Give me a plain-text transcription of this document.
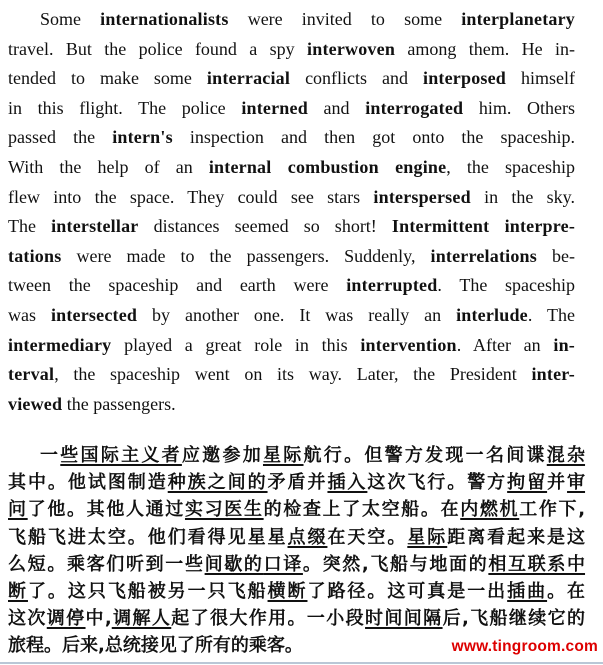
Some internationalists were invited to some interplanetary
travel. But the police found a spy interwoven among them. He in-
tended to make some interracial conflicts and interposed himself
in this flight. The police interned and interrogated him. Others
passed the intern's inspection and then got onto the spaceship.
With the help of an internal combustion engine, the spaceship
flew into the space. They could see stars interspersed in the sky.
The interstellar distances seemed so short! Intermittent interpre-
tations were made to the passengers. Suddenly, interrelations be-
tween the spaceship and earth were interrupted. The spaceship
was intersected by another one. It was really an interlude. The
intermediary played a great role in this intervention. After an in-
terval, the spaceship went on its way. Later, the President inter-
viewed the passengers.
一些国际主义者应邀参加星际航行。但警方发现一名间谍混杂
其中。他试图制造种族之间的矛盾并插入这次飞行。警方拘留并审
问了他。其他人通过实习医生的检查上了太空船。在内燃机工作下,
飞船飞进太空。他们看得见星星点缀在天空。星际距离看起来是这
么短。乘客们听到一些间歇的口译。突然,飞船与地面的相互联系中
断了。这只飞船被另一只飞船横断了路径。这可真是一出插曲。在
这次调停中,调解人起了很大作用。一小段时间间隔后,飞船继续它的
旅程。后来,总统接见了所有的乘客。	www.tingroom.com
